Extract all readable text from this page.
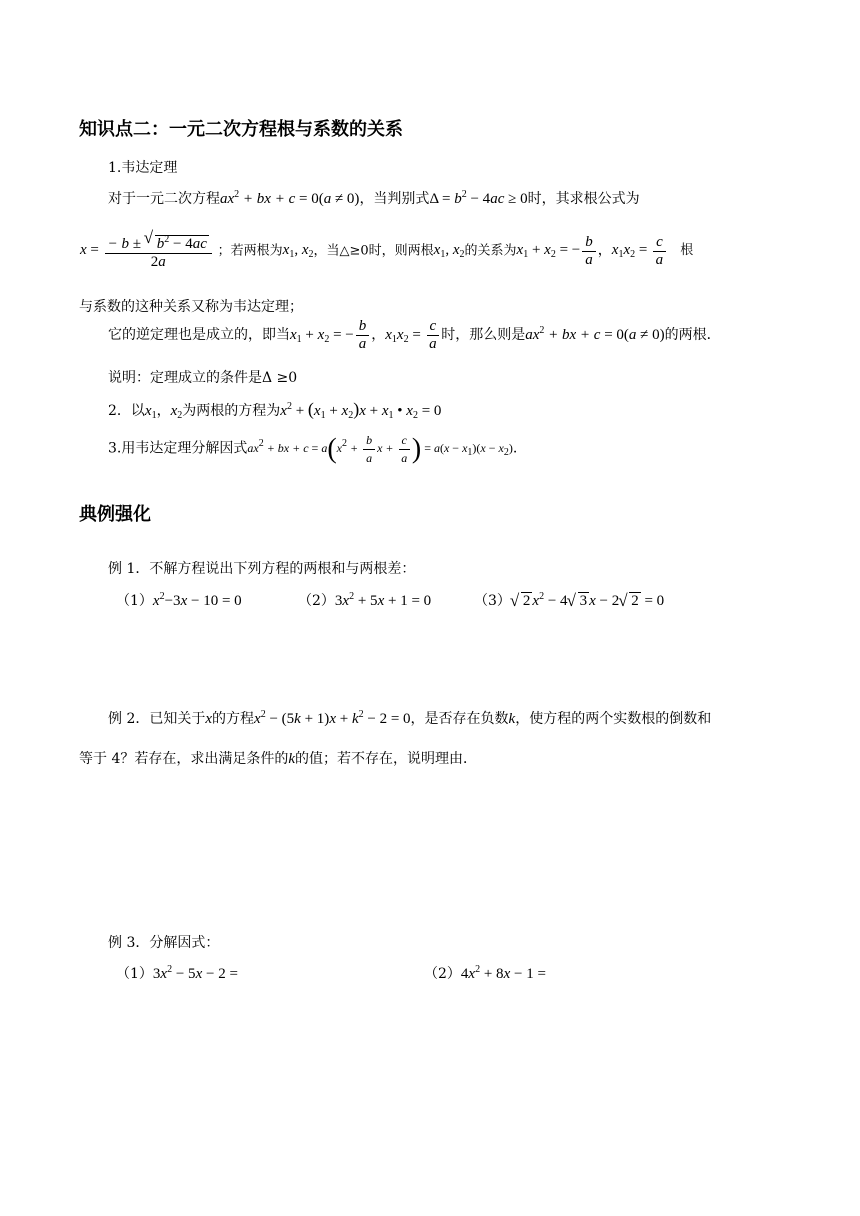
知识点二：一元二次方程根与系数的关系
1.韦达定理
对于一元二次方程$ax^2$ + bx + c = 0(a ≠ 0)，当判别式$\Delta = b^2 - 4ac \ge 0$时，其求根公式为
$x = \frac{- b \pm √ b^2 - 4ac}{2a}$ ；若两根为$x_1$, $x_2$，当△≥0时，则两根$x_1$, $x_2$的关系为$x_1 + x_2$ = − $\frac{b}{a}$ ，$x_1x_2 = \frac{c}{a}$ 根
与系数的这种关系又称为韦达定理；
它的逆定理也是成立的，即当$x_1 + x_2$ = − $\frac{b}{a}$ ，$x_1x_2 = \frac{c}{a}$ 时，那么则是$ax^2$ + bx + c = 0(a ≠ 0)的两根．
说明：定理成立的条件是Δ ≥0
2．以$x_1$，$x_2$为两根的方程为$x^2 + (x_1 + x_2)x + x_1$ • $x_2 = 0$
3.用韦达定理分解因式$ax^2$ + bx + $c = a(x^2 + \frac{b}{a}$ $x + \frac{c}{a}$ ) = $a(x - x_1)(x - x_2)$.
典例强化
例 1．不解方程说出下列方程的两根和与两根差：
$(1)x^2-3x - 10 = 0$	$(2)3x^2 + 5x + 1 = 0$	（3）√ 2 $x^2 - 4√$ 3 x − 2√ 2 = 0
例 2．已知关于x的方程$x^2 - (5k + 1)x + k^2 - 2 = 0$，是否存在负数k，使方程的两个实数根的倒数和
等于 4？若存在，求出满足条件的k的值；若不存在，说明理由．
例 3．分解因式：
$(1)3x^2 - 5x - 2$ =	$(2)4x^2 + 8x - 1$ =
